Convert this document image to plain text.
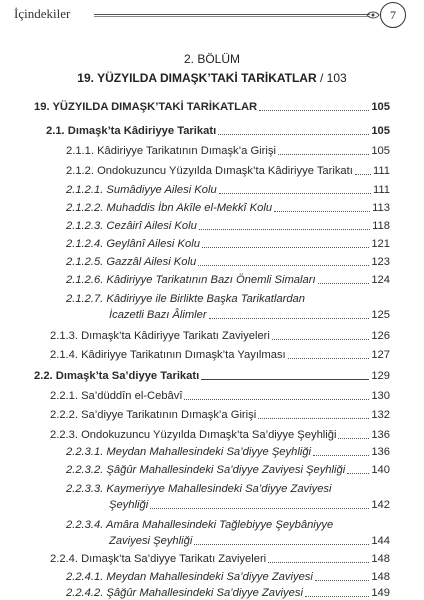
İçindekiler	7
2. BÖLÜM
19. YÜZYILDA DIMAŞK’TAKİ TARİKATLAR / 103
19. YÜZYILDA DIMAŞK’TAKİ TARİKATLAR	105
2.1. Dımaşk’ta Kâdiriyye Tarikatı	105
2.1.1. Kâdiriyye Tarikatının Dımaşk’a Girişi	105
2.1.2. Ondokuzuncu Yüzyılda Dımaşk’ta Kâdiriyye Tarikatı 111
2.1.2.1. Sumâdiyye Ailesi Kolu	111
2.1.2.2. Muhaddis İbn Akîle el-Mekkî Kolu	113
2.1.2.3. Cezâirî Ailesi Kolu	118
2.1.2.4. Geylânî Ailesi Kolu	121
2.1.2.5. Gazzâl Ailesi Kolu	123
2.1.2.6. Kâdiriyye Tarikatının Bazı Önemli Simaları	124
2.1.2.7. Kâdiriyye ile Birlikte Başka Tarikatlardan
İcazetli Bazı Âlimler	125
2.1.3. Dımaşk’ta Kâdiriyye Tarikatı Zaviyeleri	126
2.1.4. Kâdiriyye Tarikatının Dımaşk’ta Yayılması	127
2.2. Dımaşk’ta Sa’diyye Tarikatı	129
2.2.1. Sa’düddîn el-Cebâvî	130
2.2.2. Sa’diyye Tarikatının Dımaşk’a Girişi	132
2.2.3. Ondokuzuncu Yüzyılda Dımaşk’ta Sa’diyye Şeyhliği	136
2.2.3.1. Meydan Mahallesindeki Sa’diyye Şeyhliği	136
2.2.3.2. Şâğûr Mahallesindeki Sa’diyye Zaviyesi Şeyhliği 140
2.2.3.3. Kaymeriyye Mahallesindeki Sa’diyye Zaviyesi
Şeyhliği	142
2.2.3.4. Amâra Mahallesindeki Tağlebiyye Şeybâniyye
Zaviyesi Şeyhliği	144
2.2.4. Dımaşk’ta Sa’diyye Tarikatı Zaviyeleri	148
2.2.4.1. Meydan Mahallesindeki Sa’diyye Zaviyesi	148
2.2.4.2. Şâğûr Mahallesindeki Sa’diyye Zaviyesi	149
